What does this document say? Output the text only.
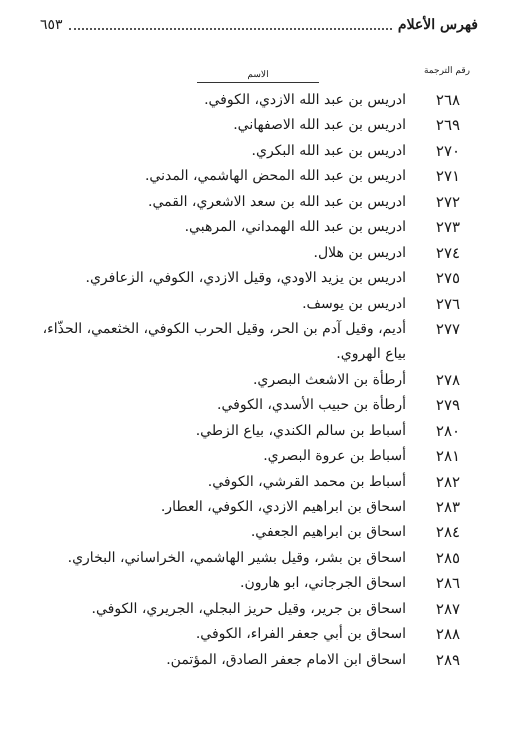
فهرس الأعلام
٦٥٣
رقم الترجمة
الاسم
٢٦٨
ادريس بن عبد الله الازدي، الكوفي.
٢٦٩
ادريس بن عبد الله الاصفهاني.
٢٧٠
ادريس بن عبد الله البكري.
٢٧١
ادريس بن عبد الله المحض الهاشمي، المدني.
٢٧٢
ادريس بن عبد الله بن سعد الاشعري، القمي.
٢٧٣
ادريس بن عبد الله الهمداني، المرهبي.
٢٧٤
ادريس بن هلال.
٢٧٥
ادريس بن يزيد الاودي، وقيل الازدي، الكوفي، الزعافري.
٢٧٦
ادريس بن يوسف.
٢٧٧
أديم، وقيل آدم بن الحر، وقيل الحرب الكوفي، الخثعمي، الحذّاء، بياع الهروي.
٢٧٨
أرطأة بن الاشعث البصري.
٢٧٩
أرطأة بن حبيب الأسدي، الكوفي.
٢٨٠
أسباط بن سالم الكندي، بياع الزطي.
٢٨١
أسباط بن عروة البصري.
٢٨٢
أسباط بن محمد القرشي، الكوفي.
٢٨٣
اسحاق بن ابراهيم الازدي، الكوفي، العطار.
٢٨٤
اسحاق بن ابراهيم الجعفي.
٢٨٥
اسحاق بن بشر، وقيل بشير الهاشمي، الخراساني، البخاري.
٢٨٦
اسحاق الجرجاني، ابو هارون.
٢٨٧
اسحاق بن جرير، وقيل حريز البجلي، الجريري، الكوفي.
٢٨٨
اسحاق بن أبي جعفر الفراء، الكوفي.
٢٨٩
اسحاق ابن الامام جعفر الصادق، المؤتمن.
